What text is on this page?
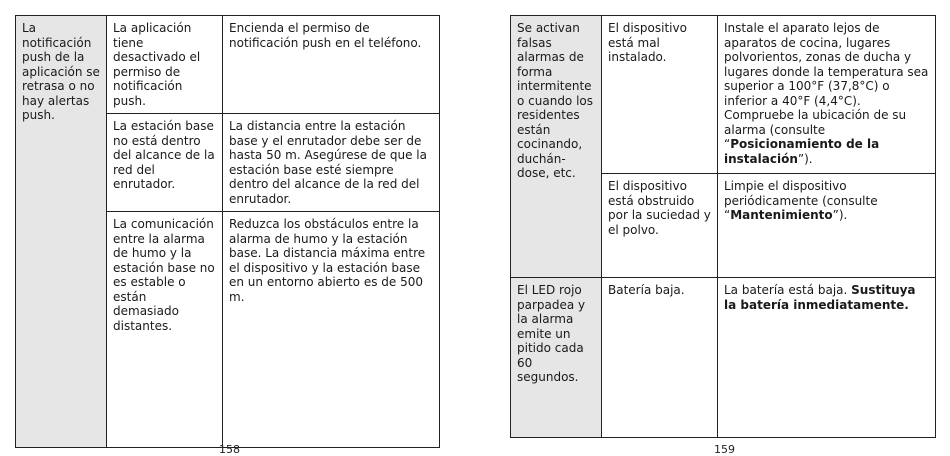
La notificación push de la aplicación se retrasa o no hay alertas push.	La aplicación tiene desactivado el permiso de notificación push.	Encienda el permiso de notificación push en el teléfono.
	La estación base no está dentro del alcance de la red del enrutador.	La distancia entre la estación base y el enrutador debe ser de hasta 50 m. Asegúrese de que la estación base esté siempre dentro del alcance de la red del enrutador.
	La comunicación entre la alarma de humo y la estación base no es estable o están demasiado distantes.	Reduzca los obstáculos entre la alarma de humo y la estación base. La distancia máxima entre el dispositivo y la estación base en un entorno abierto es de 500 m.
158
Se activan falsas alarmas de forma intermitente o cuando los residentes están cocinando, duchán- dose, etc.	El dispositivo está mal instalado.	Instale el aparato lejos de aparatos de cocina, lugares polvorientos, zonas de ducha y lugares donde la temperatura sea superior a 100°F (37,8°C) o inferior a 40°F (4,4°C). Compruebe la ubicación de su alarma (consulte “Posicionamiento de la instalación”).
	El dispositivo está obstruido por la suciedad y el polvo.	Limpie el dispositivo periódicamente (consulte “Mantenimiento”).
El LED rojo parpadea y la alarma emite un pitido cada 60 segundos.	Batería baja.	La batería está baja. Sustituya la batería inmediatamente.
159
